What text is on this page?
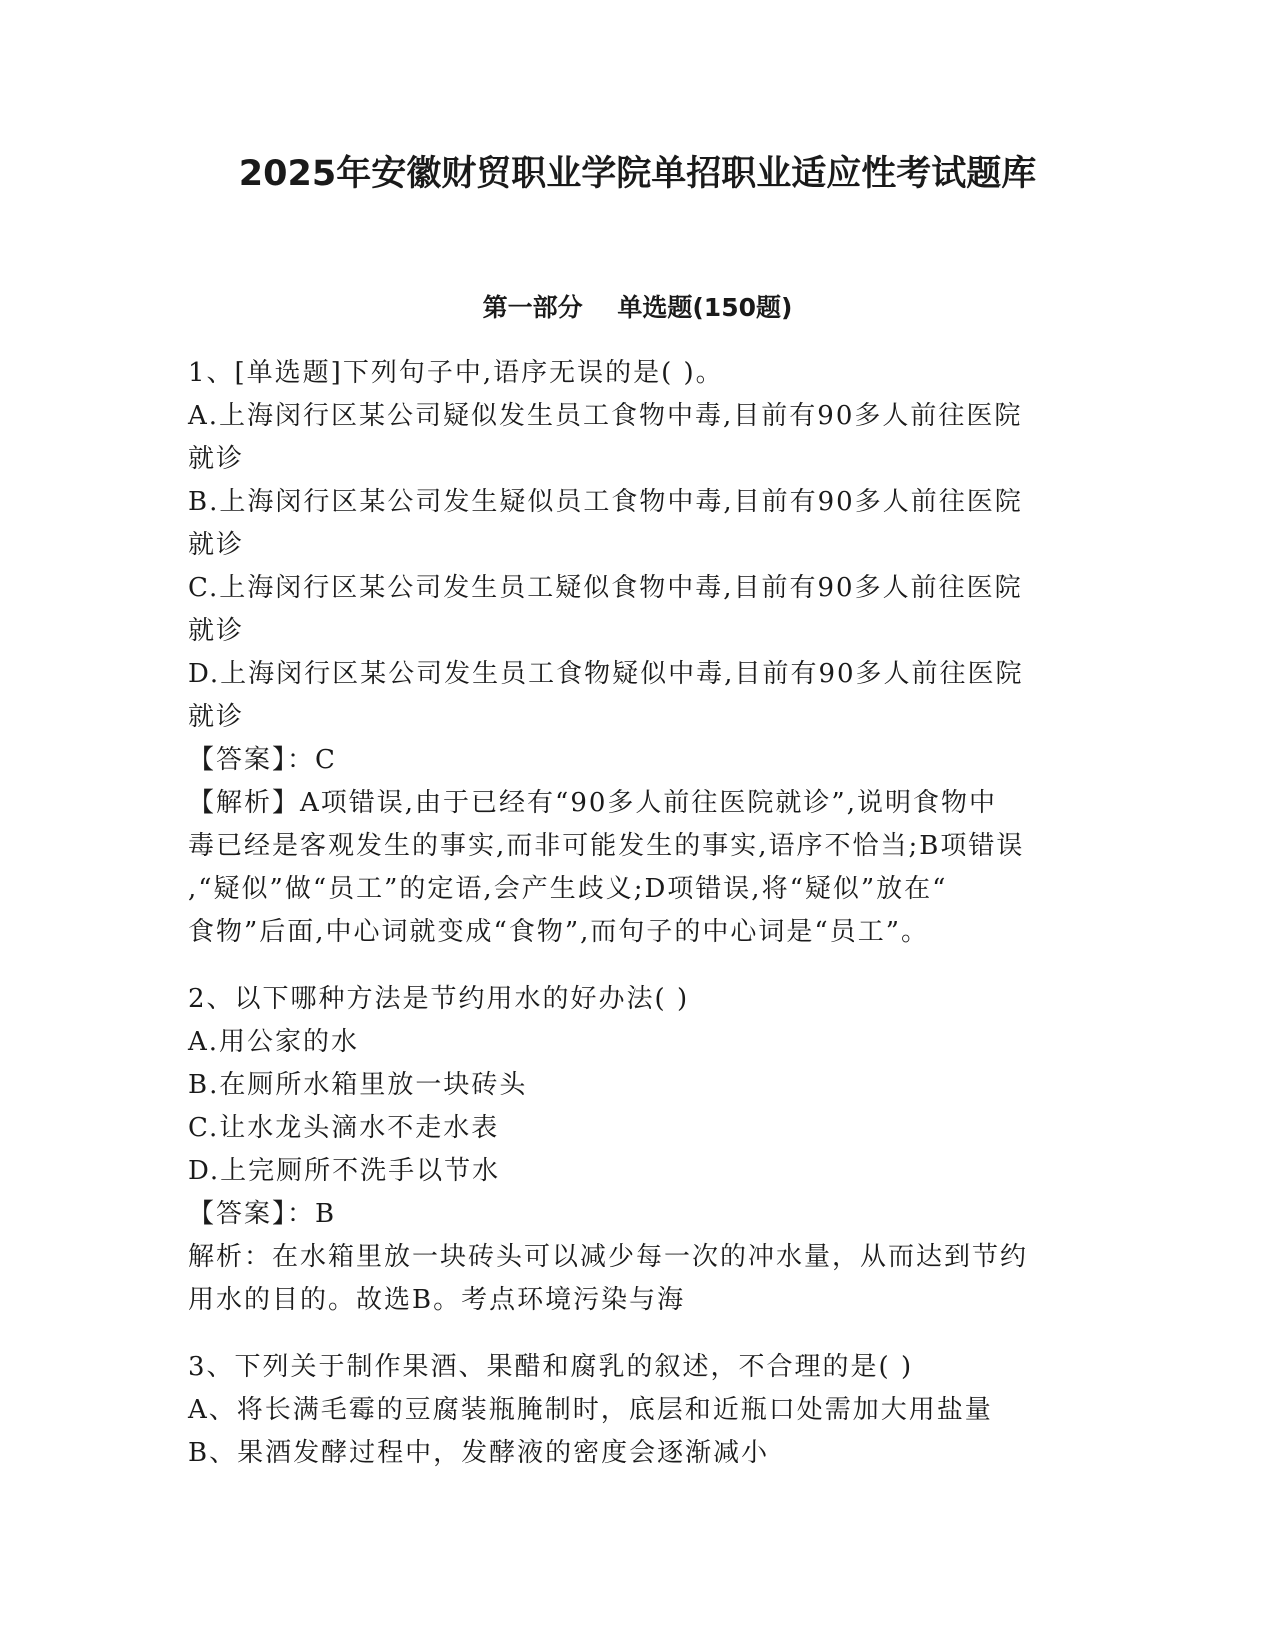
2025年安徽财贸职业学院单招职业适应性考试题库
第一部分    单选题(150题)
1、[单选题]下列句子中,语序无误的是( )。
A.上海闵行区某公司疑似发生员工食物中毒,目前有90多人前往医院
就诊
B.上海闵行区某公司发生疑似员工食物中毒,目前有90多人前往医院
就诊
C.上海闵行区某公司发生员工疑似食物中毒,目前有90多人前往医院
就诊
D.上海闵行区某公司发生员工食物疑似中毒,目前有90多人前往医院
就诊
【答案】：C
【解析】A项错误,由于已经有“90多人前往医院就诊”,说明食物中
毒已经是客观发生的事实,而非可能发生的事实,语序不恰当;B项错误
,“疑似”做“员工”的定语,会产生歧义;D项错误,将“疑似”放在“
食物”后面,中心词就变成“食物”,而句子的中心词是“员工”。
2、以下哪种方法是节约用水的好办法( )
A.用公家的水
B.在厕所水箱里放一块砖头
C.让水龙头滴水不走水表
D.上完厕所不洗手以节水
【答案】：B
解析：在水箱里放一块砖头可以减少每一次的冲水量，从而达到节约
用水的目的。故选B。考点环境污染与海
3、下列关于制作果酒、果醋和腐乳的叙述，不合理的是( )
A、将长满毛霉的豆腐装瓶腌制时，底层和近瓶口处需加大用盐量
B、果酒发酵过程中，发酵液的密度会逐渐减小
